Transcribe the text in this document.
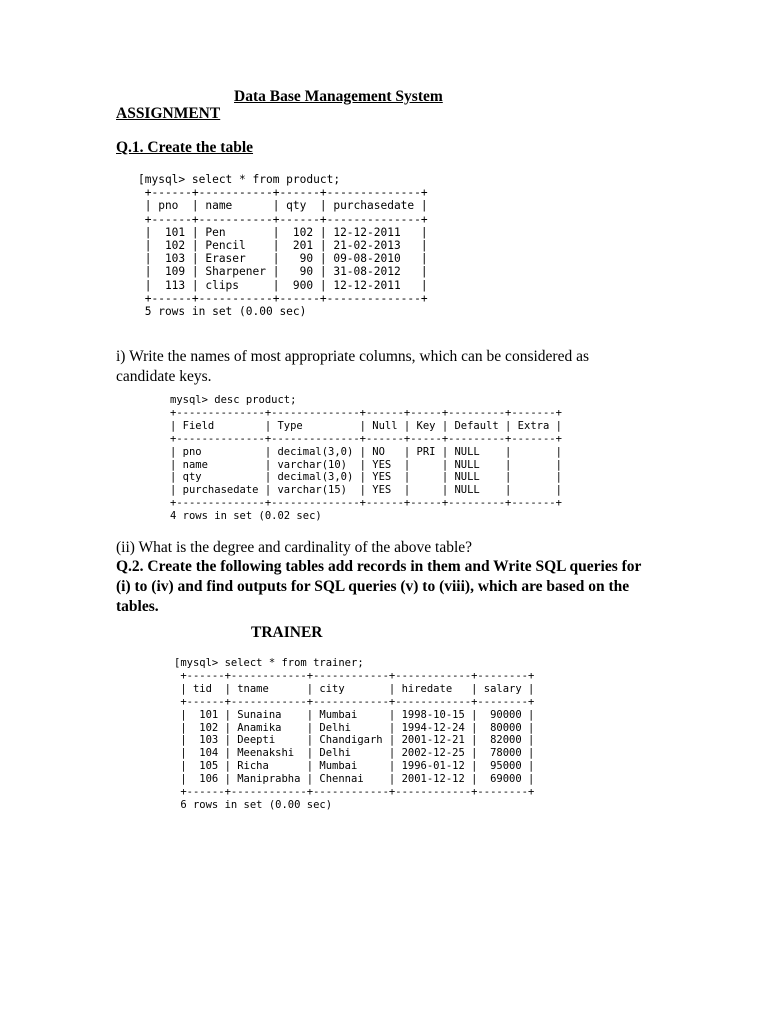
Data Base Management System

ASSIGNMENT

Q.1. Create the table

[mysql> select * from product;
+------+-----------+------+--------------+
| pno  | name      | qty  | purchasedate |
+------+-----------+------+--------------+
|  101 | Pen       |  102 | 12-12-2011   |
|  102 | Pencil    |  201 | 21-02-2013   |
|  103 | Eraser    |   90 | 09-08-2010   |
|  109 | Sharpener |   90 | 31-08-2012   |
|  113 | clips     |  900 | 12-12-2011   |
+------+-----------+------+--------------+
5 rows in set (0.00 sec)

i) Write the names of most appropriate columns, which can be considered as candidate keys.

mysql> desc product;
+--------------+--------------+------+-----+---------+-------+
| Field        | Type         | Null | Key | Default | Extra |
+--------------+--------------+------+-----+---------+-------+
| pno          | decimal(3,0) | NO   | PRI | NULL    |       |
| name         | varchar(10)  | YES  |     | NULL    |       |
| qty          | decimal(3,0) | YES  |     | NULL    |       |
| purchasedate | varchar(15)  | YES  |     | NULL    |       |
+--------------+--------------+------+-----+---------+-------+
4 rows in set (0.02 sec)

(ii) What is the degree and cardinality of the above table?

Q.2. Create the following tables add records in them and Write SQL queries for (i) to (iv) and find outputs for SQL queries (v) to (viii), which are based on the tables.

TRAINER

[mysql> select * from trainer;
+------+------------+------------+------------+--------+
| tid  | tname      | city       | hiredate   | salary |
+------+------------+------------+------------+--------+
|  101 | Sunaina    | Mumbai     | 1998-10-15 |  90000 |
|  102 | Anamika    | Delhi      | 1994-12-24 |  80000 |
|  103 | Deepti     | Chandigarh | 2001-12-21 |  82000 |
|  104 | Meenakshi  | Delhi      | 2002-12-25 |  78000 |
|  105 | Richa      | Mumbai     | 1996-01-12 |  95000 |
|  106 | Maniprabha | Chennai    | 2001-12-12 |  69000 |
+------+------------+------------+------------+--------+
6 rows in set (0.00 sec)
